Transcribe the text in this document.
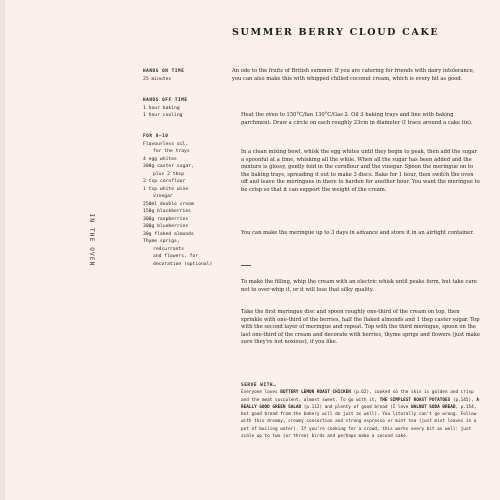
IN THE OVEN
SUMMER BERRY CLOUD CAKE
HANDS ON TIME
25 minutes
HANDS OFF TIME
1 hour baking
1 hour cooling
FOR 8–10
Flavourless oil,
for the trays
4 egg whites
300g caster sugar,
plus 2 tbsp
2 tsp cornflour
1 tsp white wine
vinegar
250ml double cream
150g blackberries
300g raspberries
300g blueberries
30g flaked almonds
Thyme sprigs,
redcurrants
and flowers, for
decoration (optional)

An ode to the fruits of British summer. If you are catering for friends with dairy intolerance, you can also make this with whipped chilled coconut cream, which is every bit as good.

Heat the oven to 150°C/fan 130°C/Gas 2. Oil 3 baking trays and line with baking parchment. Draw a circle on each roughly 23cm in diameter (I trace around a cake tin).

In a clean mixing bowl, whisk the egg whites until they begin to peak, then add the sugar a spoonful at a time, whisking all the while. When all the sugar has been added and the mixture is glossy, gently fold in the cornflour and the vinegar. Spoon the meringue on to the baking trays, spreading it out to make 3 discs. Bake for 1 hour, then switch the oven off and leave the meringues in there to harden for another hour. You want the meringue to be crisp so that it can support the weight of the cream.

You can make the meringue up to 3 days in advance and store it in an airtight container.

To make the filling, whip the cream with an electric whisk until peaks form, but take care not to over-whip it, or it will lose that silky quality.

Take the first meringue disc and spoon roughly one-third of the cream on top, then sprinkle with one-third of the berries, half the flaked almonds and 1 tbsp caster sugar. Top with the second layer of meringue and repeat. Top with the third meringue, spoon on the last one-third of the cream and decorate with berries, thyme sprigs and flowers (just make sure they're not noxious), if you like.

SERVE WITH…
Everyone loves BUTTERY LEMON ROAST CHICKEN (p.62), cooked so the skin is golden and crisp and the meat succulent, almost sweet. To go with it, THE SIMPLEST ROAST POTATOES (p.145), A REALLY GOOD GREEN SALAD (p.112) and plenty of good bread (I love WALNUT SODA BREAD, p.154, but good bread from the bakery will do just as well). You literally can't go wrong. Follow with this dreamy, creamy concoction and strong espresso or mint tea (just mint leaves in a pot of boiling water). If you're cooking for a crowd, this works every bit as well: just scale up to two (or three) birds and perhaps make a second cake.
